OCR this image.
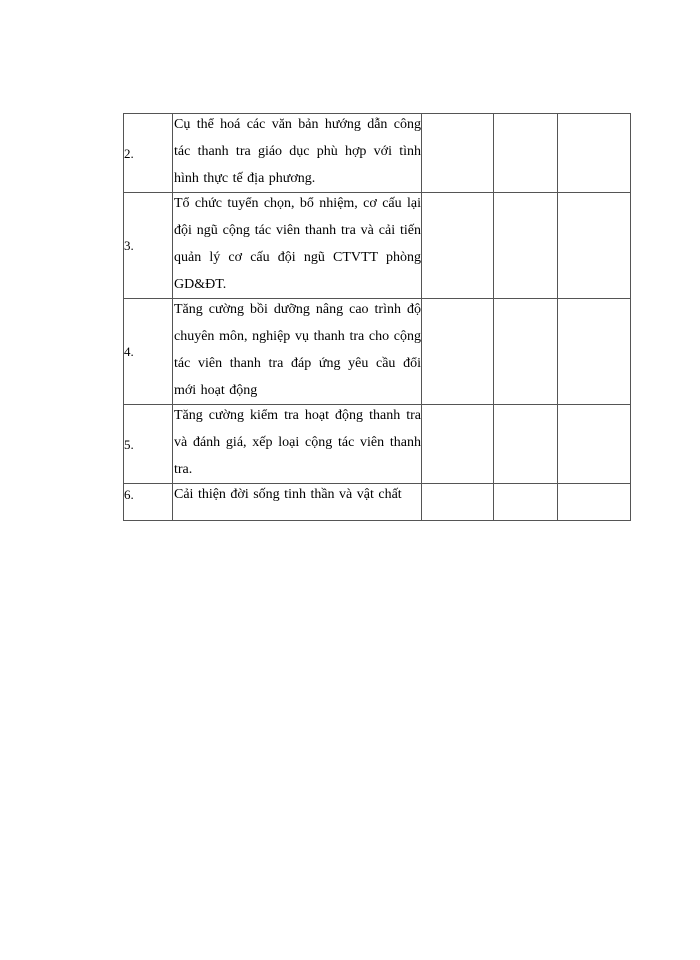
2.	Cụ thể hoá các văn bản hướng dẫn công tác thanh tra giáo dục phù hợp với tình hình thực tế địa phương.			

3.	Tổ chức tuyển chọn, bổ nhiệm, cơ cấu lại đội ngũ cộng tác viên thanh tra và cải tiến quản lý cơ cấu đội ngũ CTVTT phòng GD&ĐT.			

4.	Tăng cường bồi dưỡng nâng cao trình độ chuyên môn, nghiệp vụ thanh tra cho cộng tác viên thanh tra đáp ứng yêu cầu đổi mới hoạt động			

5.	Tăng cường kiểm tra hoạt động thanh tra và đánh giá, xếp loại cộng tác viên thanh tra.			

6.	Cải thiện đời sống tinh thần và vật chất			
